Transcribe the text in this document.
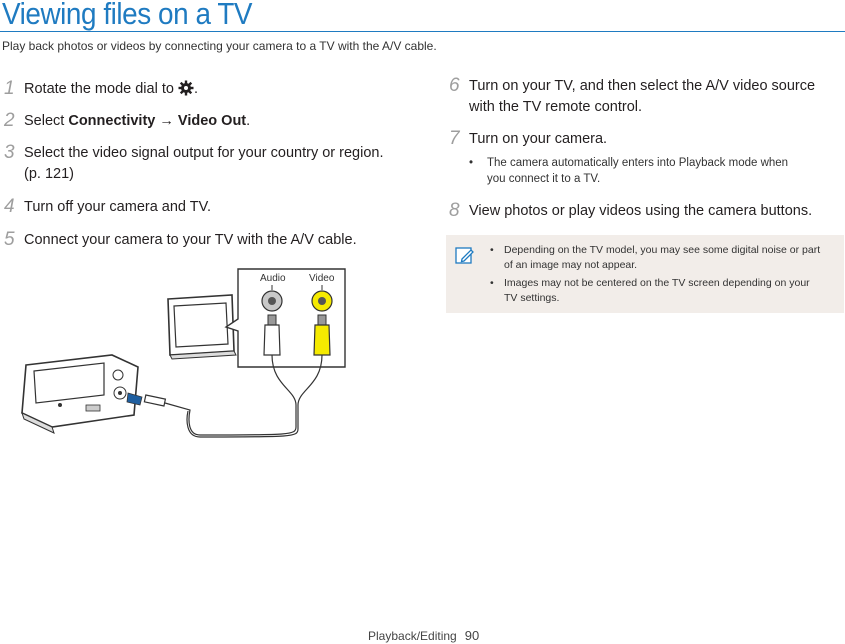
Viewing files on a TV
Play back photos or videos by connecting your camera to a TV with the A/V cable.
1 Rotate the mode dial to .
2 Select Connectivity → Video Out.
3 Select the video signal output for your country or region.
(p. 121)
4 Turn off your camera and TV.
5 Connect your camera to your TV with the A/V cable.
6 Turn on your TV, and then select the A/V video source
with the TV remote control.
7 Turn on your camera.
•	The camera automatically enters into Playback mode when
you connect it to a TV.
8 View photos or play videos using the camera buttons.
• Depending on the TV model, you may see some digital noise or part
of an image may not appear.
• Images may not be centered on the TV screen depending on your
TV settings.
Audio Video
Playback/Editing 90
